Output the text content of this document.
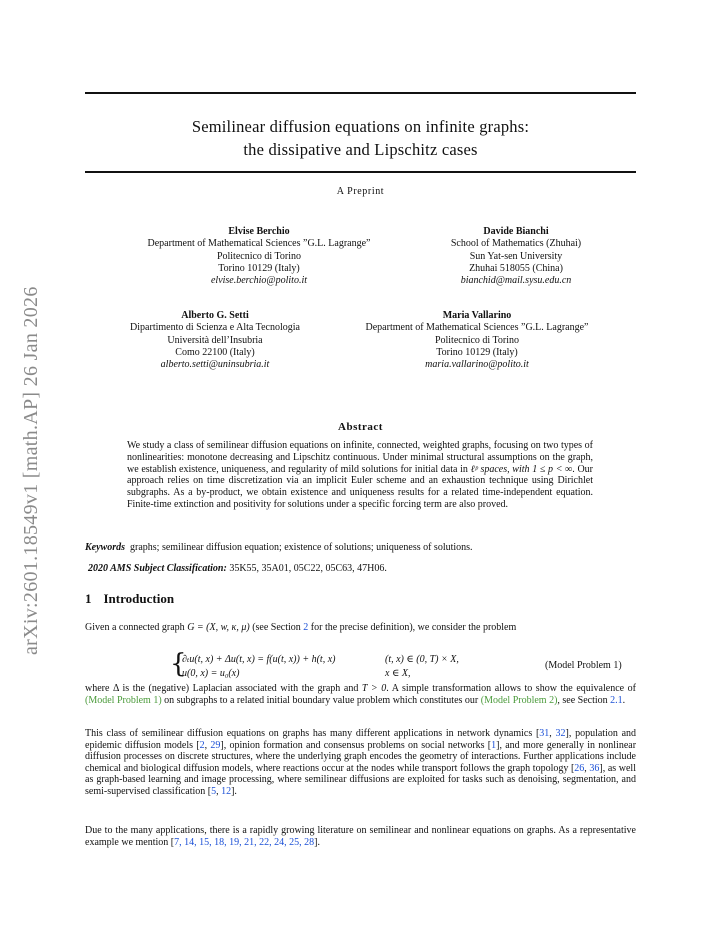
arXiv:2601.18549v1 [math.AP] 26 Jan 2026
Semilinear diffusion equations on infinite graphs:
the dissipative and Lipschitz cases
A Preprint
Elvise Berchio
Department of Mathematical Sciences ”G.L. Lagrange”
Politecnico di Torino
Torino 10129 (Italy)
elvise.berchio@polito.it
Davide Bianchi
School of Mathematics (Zhuhai)
Sun Yat-sen University
Zhuhai 518055 (China)
bianchid@mail.sysu.edu.cn
Alberto G. Setti
Dipartimento di Scienza e Alta Tecnologia
Università dell’Insubria
Como 22100 (Italy)
alberto.setti@uninsubria.it
Maria Vallarino
Department of Mathematical Sciences ”G.L. Lagrange”
Politecnico di Torino
Torino 10129 (Italy)
maria.vallarino@polito.it
Abstract
We study a class of semilinear diffusion equations on infinite, connected, weighted graphs, focusing on two types of nonlinearities: monotone decreasing and Lipschitz continuous. Under minimal structural assumptions on the graph, we establish existence, uniqueness, and regularity of mild solutions for initial data in ℓᵖ spaces, with 1 ≤ p < ∞. Our approach relies on time discretization via an implicit Euler scheme and an exhaustion technique using Dirichlet subgraphs. As a by-product, we obtain existence and uniqueness results for a related time-independent equation. Finite-time extinction and positivity for solutions under a specific forcing term are also proved.
Keywords graphs; semilinear diffusion equation; existence of solutions; uniqueness of solutions.
2020 AMS Subject Classification: 35K55, 35A01, 05C22, 05C63, 47H06.
1 Introduction
Given a connected graph G = (X, w, κ, μ) (see Section 2 for the precise definition), we consider the problem
{
∂ₜu(t, x) + Δu(t, x) = f(u(t, x)) + h(t, x)	(t, x) ∈ (0, T) × X,
u(0, x) = u₀(x)	x ∈ X,
(Model Problem 1)
where Δ is the (negative) Laplacian associated with the graph and T > 0. A simple transformation allows to show the equivalence of (Model Problem 1) on subgraphs to a related initial boundary value problem which constitutes our (Model Problem 2), see Section 2.1.
This class of semilinear diffusion equations on graphs has many different applications in network dynamics [31, 32], population and epidemic diffusion models [2, 29], opinion formation and consensus problems on social networks [1], and more generally in nonlinear diffusion processes on discrete structures, where the underlying graph encodes the geometry of interactions. Further applications include chemical and biological diffusion models, where reactions occur at the nodes while transport follows the graph topology [26, 36], as well as graph-based learning and image processing, where semilinear diffusions are exploited for tasks such as denoising, segmentation, and semi-supervised classification [5, 12].
Due to the many applications, there is a rapidly growing literature on semilinear and nonlinear equations on graphs. As a representative example we mention [7, 14, 15, 18, 19, 21, 22, 24, 25, 28].
